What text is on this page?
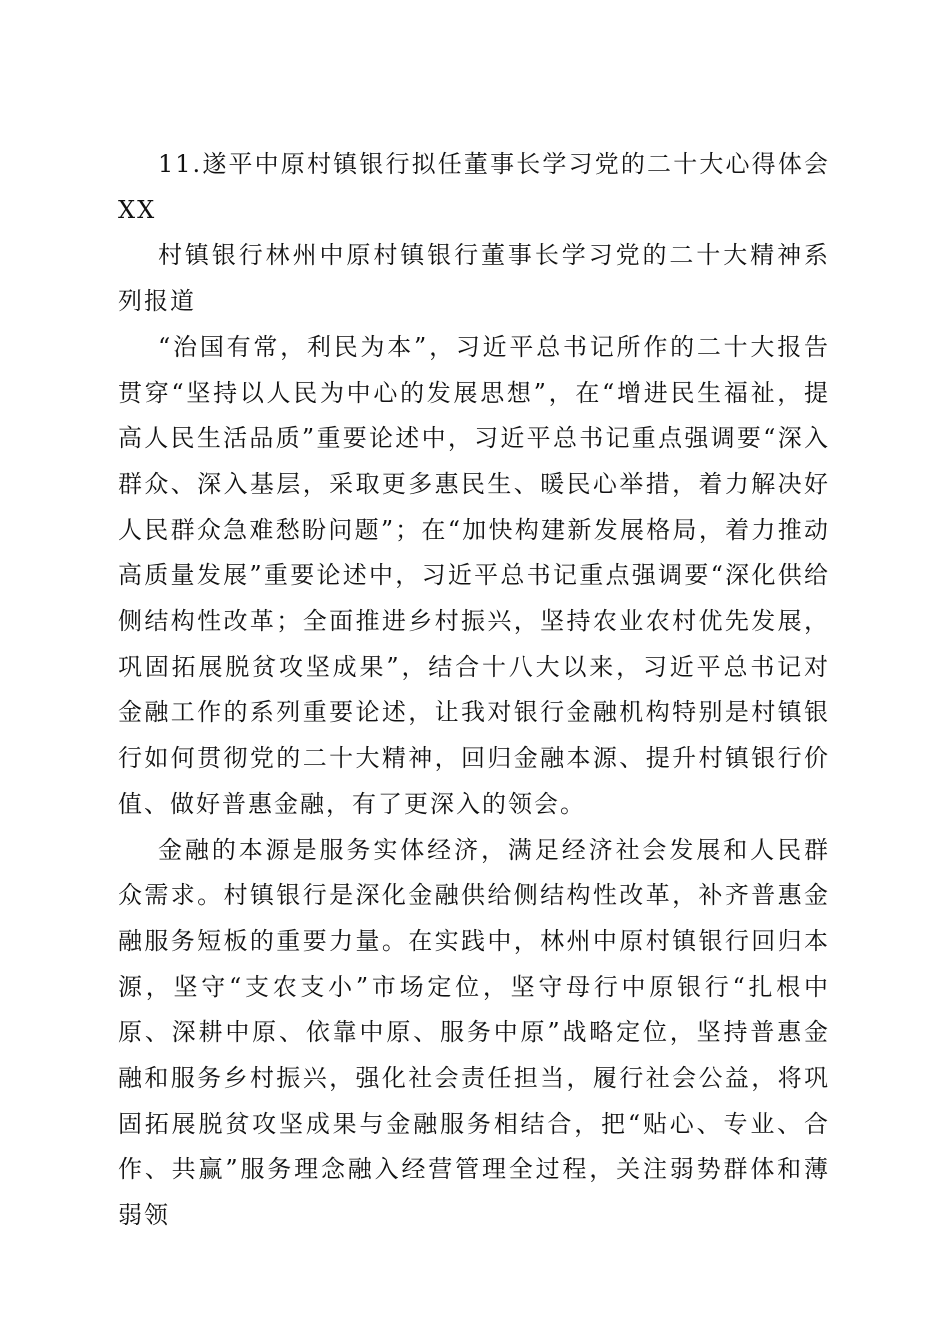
11.遂平中原村镇银行拟任董事长学习党的二十大心得体会XX

村镇银行林州中原村镇银行董事长学习党的二十大精神系列报道

“治国有常，利民为本”，习近平总书记所作的二十大报告贯穿“坚持以人民为中心的发展思想”，在“增进民生福祉，提高人民生活品质”重要论述中，习近平总书记重点强调要“深入群众、深入基层，采取更多惠民生、暖民心举措，着力解决好人民群众急难愁盼问题”；在“加快构建新发展格局，着力推动高质量发展”重要论述中，习近平总书记重点强调要“深化供给侧结构性改革；全面推进乡村振兴，坚持农业农村优先发展，巩固拓展脱贫攻坚成果”，结合十八大以来，习近平总书记对金融工作的系列重要论述，让我对银行金融机构特别是村镇银行如何贯彻党的二十大精神，回归金融本源、提升村镇银行价值、做好普惠金融，有了更深入的领会。

金融的本源是服务实体经济，满足经济社会发展和人民群众需求。村镇银行是深化金融供给侧结构性改革，补齐普惠金融服务短板的重要力量。在实践中，林州中原村镇银行回归本源，坚守“支农支小”市场定位，坚守母行中原银行“扎根中原、深耕中原、依靠中原、服务中原”战略定位，坚持普惠金融和服务乡村振兴，强化社会责任担当，履行社会公益，将巩固拓展脱贫攻坚成果与金融服务相结合，把“贴心、专业、合作、共赢”服务理念融入经营管理全过程，关注弱势群体和薄弱领
